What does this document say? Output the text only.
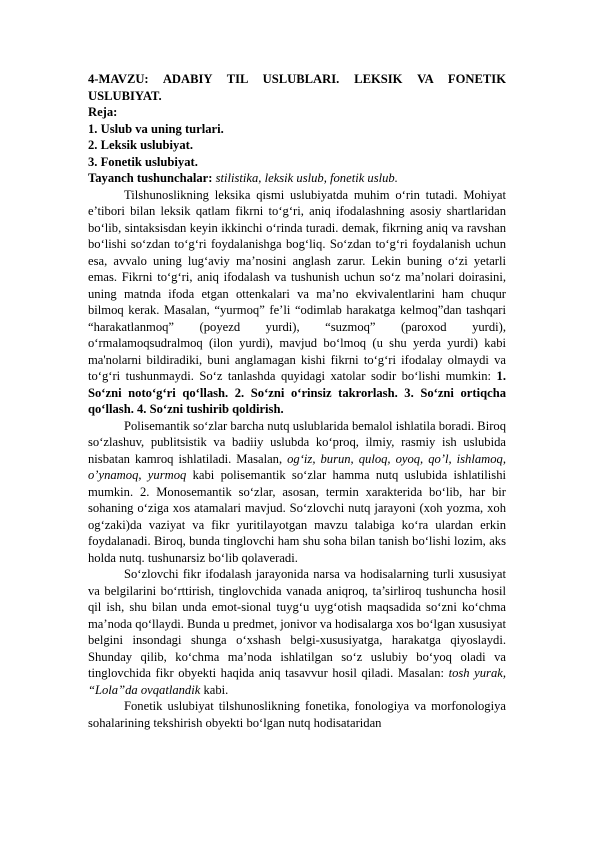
4-MAVZU: ADABIY TIL USLUBLARI. LEKSIK VA FONETIK USLUBIYAT.
Reja:
1. Uslub va uning turlari.
2. Leksik uslubiyat.
3. Fonetik uslubiyat.
Tayanch tushunchalar: stilistika, leksik uslub, fonetik uslub.

Tilshunoslikning leksika qismi uslubiyatda muhim o‘rin tutadi. Mohiyat e’tibori bilan leksik qatlam fikrni to‘g‘ri, aniq ifodalashning asosiy shartlaridan bo‘lib, sintaksisdan keyin ikkinchi o‘rinda turadi. demak, fikrning aniq va ravshan bo‘lishi so‘zdan to‘g‘ri foydalanishga bog‘liq. So‘zdan to‘g‘ri foydalanish uchun esa, avvalo uning lug‘aviy ma’nosini anglash zarur. Lekin buning o‘zi yetarli emas. Fikrni to‘g‘ri, aniq ifodalash va tushunish uchun so‘z ma’nolari doirasini, uning matnda ifoda etgan ottenkalari va ma’no ekvivalentlarini ham chuqur bilmoq kerak. Masalan, “yurmoq” fe’li “odimlab harakatga kelmoq”dan tashqari “harakatlanmoq” (poyezd yurdi), “suzmoq” (paroxod yurdi), o‘rmalamoqsudralmoq (ilon yurdi), mavjud bo‘lmoq (u shu yerda yurdi) kabi ma'nolarni bildiradiki, buni anglamagan kishi fikrni to‘g‘ri ifodalay olmaydi va to‘g‘ri tushunmaydi. So‘z tanlashda quyidagi xatolar sodir bo‘lishi mumkin: 1. So‘zni noto‘g‘ri qo‘llash. 2. So‘zni o‘rinsiz takrorlash. 3. So‘zni ortiqcha qo‘llash. 4. So‘zni tushirib qoldirish.

Polisemantik so‘zlar barcha nutq uslublarida bemalol ishlatila boradi. Biroq so‘zlashuv, publitsistik va badiiy uslubda ko‘proq, ilmiy, rasmiy ish uslubida nisbatan kamroq ishlatiladi. Masalan, og‘iz, burun, quloq, oyoq, qo’l, ishlamoq, o’ynamoq, yurmoq kabi polisemantik so‘zlar hamma nutq uslubida ishlatilishi mumkin. 2. Monosemantik so‘zlar, asosan, termin xarakterida bo‘lib, har bir sohaning o‘ziga xos atamalari mavjud. So‘zlovchi nutq jarayoni (xoh yozma, xoh og‘zaki)da vaziyat va fikr yuritilayotgan mavzu talabiga ko‘ra ulardan erkin foydalanadi. Biroq, bunda tinglovchi ham shu soha bilan tanish bo‘lishi lozim, aks holda nutq. tushunarsiz bo‘lib qolaveradi.

So‘zlovchi fikr ifodalash jarayonida narsa va hodisalarning turli xususiyat va belgilarini bo‘rttirish, tinglovchida vanada aniqroq, ta’sirliroq tushuncha hosil qil ish, shu bilan unda emot-sional tuyg‘u uyg‘otish maqsadida so‘zni ko‘chma ma’noda qo‘llaydi. Bunda u predmet, jonivor va hodisalarga xos bo‘lgan xususiyat belgini insondagi shunga o‘xshash belgi-xususiyatga, harakatga qiyoslaydi. Shunday qilib, ko‘chma ma’noda ishlatilgan so‘z uslubiy bo‘yoq oladi va tinglovchida fikr obyekti haqida aniq tasavvur hosil qiladi. Masalan: tosh yurak, “Lola”da ovqatlandik kabi.

Fonetik uslubiyat tilshunoslikning fonetika, fonologiya va morfonologiya sohalarining tekshirish obyekti bo‘lgan nutq hodisataridan
